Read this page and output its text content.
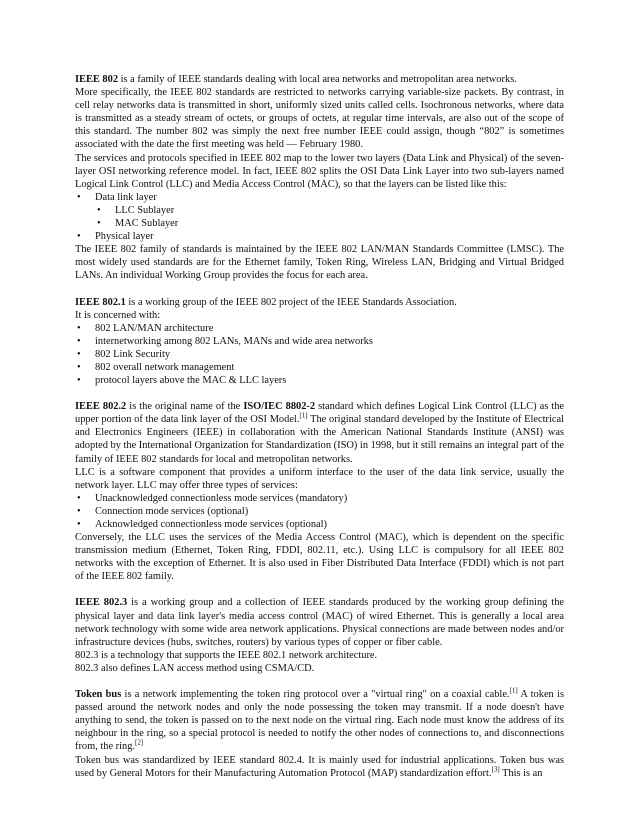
IEEE 802 is a family of IEEE standards dealing with local area networks and metropolitan area networks.

More specifically, the IEEE 802 standards are restricted to networks carrying variable-size packets. By contrast, in cell relay networks data is transmitted in short, uniformly sized units called cells. Isochronous networks, where data is transmitted as a steady stream of octets, or groups of octets, at regular time intervals, are also out of the scope of this standard. The number 802 was simply the next free number IEEE could assign, though “802” is sometimes associated with the date the first meeting was held — February 1980.

The services and protocols specified in IEEE 802 map to the lower two layers (Data Link and Physical) of the seven-layer OSI networking reference model. In fact, IEEE 802 splits the OSI Data Link Layer into two sub-layers named Logical Link Control (LLC) and Media Access Control (MAC), so that the layers can be listed like this:

• Data link layer
• LLC Sublayer
• MAC Sublayer
• Physical layer

The IEEE 802 family of standards is maintained by the IEEE 802 LAN/MAN Standards Committee (LMSC). The most widely used standards are for the Ethernet family, Token Ring, Wireless LAN, Bridging and Virtual Bridged LANs. An individual Working Group provides the focus for each area.

IEEE 802.1 is a working group of the IEEE 802 project of the IEEE Standards Association.

It is concerned with:

• 802 LAN/MAN architecture
• internetworking among 802 LANs, MANs and wide area networks
• 802 Link Security
• 802 overall network management
• protocol layers above the MAC & LLC layers

IEEE 802.2 is the original name of the ISO/IEC 8802-2 standard which defines Logical Link Control (LLC) as the upper portion of the data link layer of the OSI Model.[1] The original standard developed by the Institute of Electrical and Electronics Engineers (IEEE) in collaboration with the American National Standards Institute (ANSI) was adopted by the International Organization for Standardization (ISO) in 1998, but it still remains an integral part of the family of IEEE 802 standards for local and metropolitan networks.

LLC is a software component that provides a uniform interface to the user of the data link service, usually the network layer. LLC may offer three types of services:

• Unacknowledged connectionless mode services (mandatory)
• Connection mode services (optional)
• Acknowledged connectionless mode services (optional)

Conversely, the LLC uses the services of the Media Access Control (MAC), which is dependent on the specific transmission medium (Ethernet, Token Ring, FDDI, 802.11, etc.). Using LLC is compulsory for all IEEE 802 networks with the exception of Ethernet. It is also used in Fiber Distributed Data Interface (FDDI) which is not part of the IEEE 802 family.

IEEE 802.3 is a working group and a collection of IEEE standards produced by the working group defining the physical layer and data link layer's media access control (MAC) of wired Ethernet. This is generally a local area network technology with some wide area network applications. Physical connections are made between nodes and/or infrastructure devices (hubs, switches, routers) by various types of copper or fiber cable.

802.3 is a technology that supports the IEEE 802.1 network architecture.

802.3 also defines LAN access method using CSMA/CD.

Token bus is a network implementing the token ring protocol over a "virtual ring" on a coaxial cable.[1] A token is passed around the network nodes and only the node possessing the token may transmit. If a node doesn't have anything to send, the token is passed on to the next node on the virtual ring. Each node must know the address of its neighbour in the ring, so a special protocol is needed to notify the other nodes of connections to, and disconnections from, the ring.[2]

Token bus was standardized by IEEE standard 802.4. It is mainly used for industrial applications. Token bus was used by General Motors for their Manufacturing Automation Protocol (MAP) standardization effort.[3] This is an
